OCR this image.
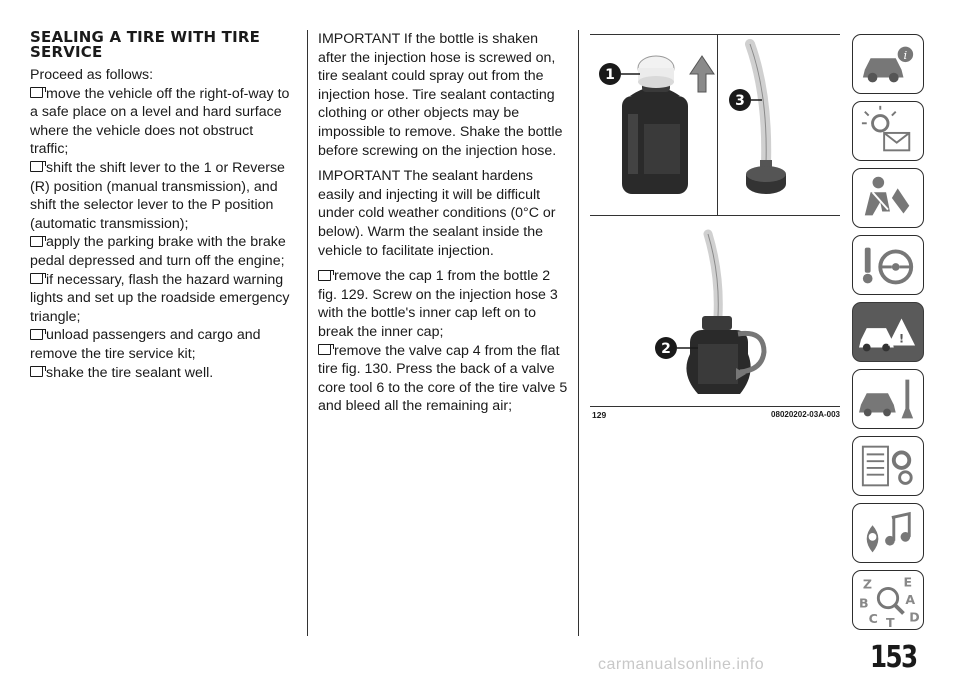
SEALING A TIRE WITH TIRE SERVICE

Proceed as follows:

move the vehicle off the right-of-way to a safe place on a level and hard surface where the vehicle does not obstruct traffic;

shift the shift lever to the 1 or Reverse (R) position (manual transmission), and shift the selector lever to the P position (automatic transmission);

apply the parking brake with the brake pedal depressed and turn off the engine;

if necessary, flash the hazard warning lights and set up the roadside emergency triangle;

unload passengers and cargo and remove the tire service kit;

shake the tire sealant well.

IMPORTANT If the bottle is shaken after the injection hose is screwed on, tire sealant could spray out from the injection hose. Tire sealant contacting clothing or other objects may be impossible to remove. Shake the bottle before screwing on the injection hose.

IMPORTANT The sealant hardens easily and injecting it will be difficult under cold weather conditions (0°C or below). Warm the sealant inside the vehicle to facilitate injection.

remove the cap 1 from the bottle 2 fig. 129. Screw on the injection hose 3 with the bottle's inner cap left on to break the inner cap;

remove the valve cap 4 from the flat tire fig. 130. Press the back of a valve core tool 6 to the core of the tire valve 5 and bleed all the remaining air;

1
3
2
129	08020202-03A-003
i
!
Z E
B	A
C D
T
153
carmanualsonline.info
